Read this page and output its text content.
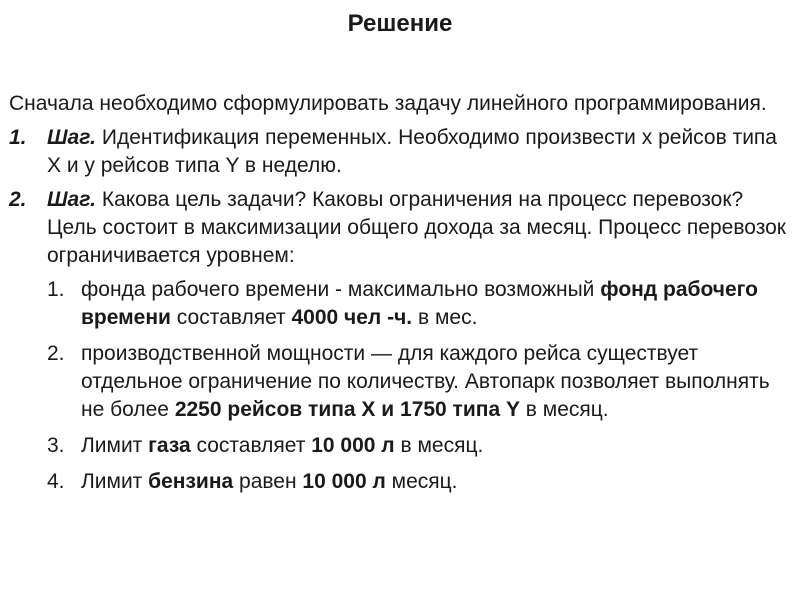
Решение

Сначала необходимо сформулировать задачу линейного программирования.

1. Шаг. Идентификация переменных. Необходимо произвести x рейсов типа X и y рейсов типа Y в неделю.
2. Шаг. Какова цель задачи? Каковы ограничения на процесс перевозок? Цель состоит в максимизации общего дохода за месяц. Процесс перевозок ограничивается уровнем:
1. фонда рабочего времени - максимально возможный фонд рабочего времени составляет 4000 чел -ч. в мес.
2. производственной мощности — для каждого рейса существует отдельное ограничение по количеству. Автопарк позволяет выполнять не более 2250 рейсов типа X и 1750 типа Y в месяц.
3. Лимит газа составляет 10 000 л в месяц.
4. Лимит бензина равен 10 000 л месяц.
